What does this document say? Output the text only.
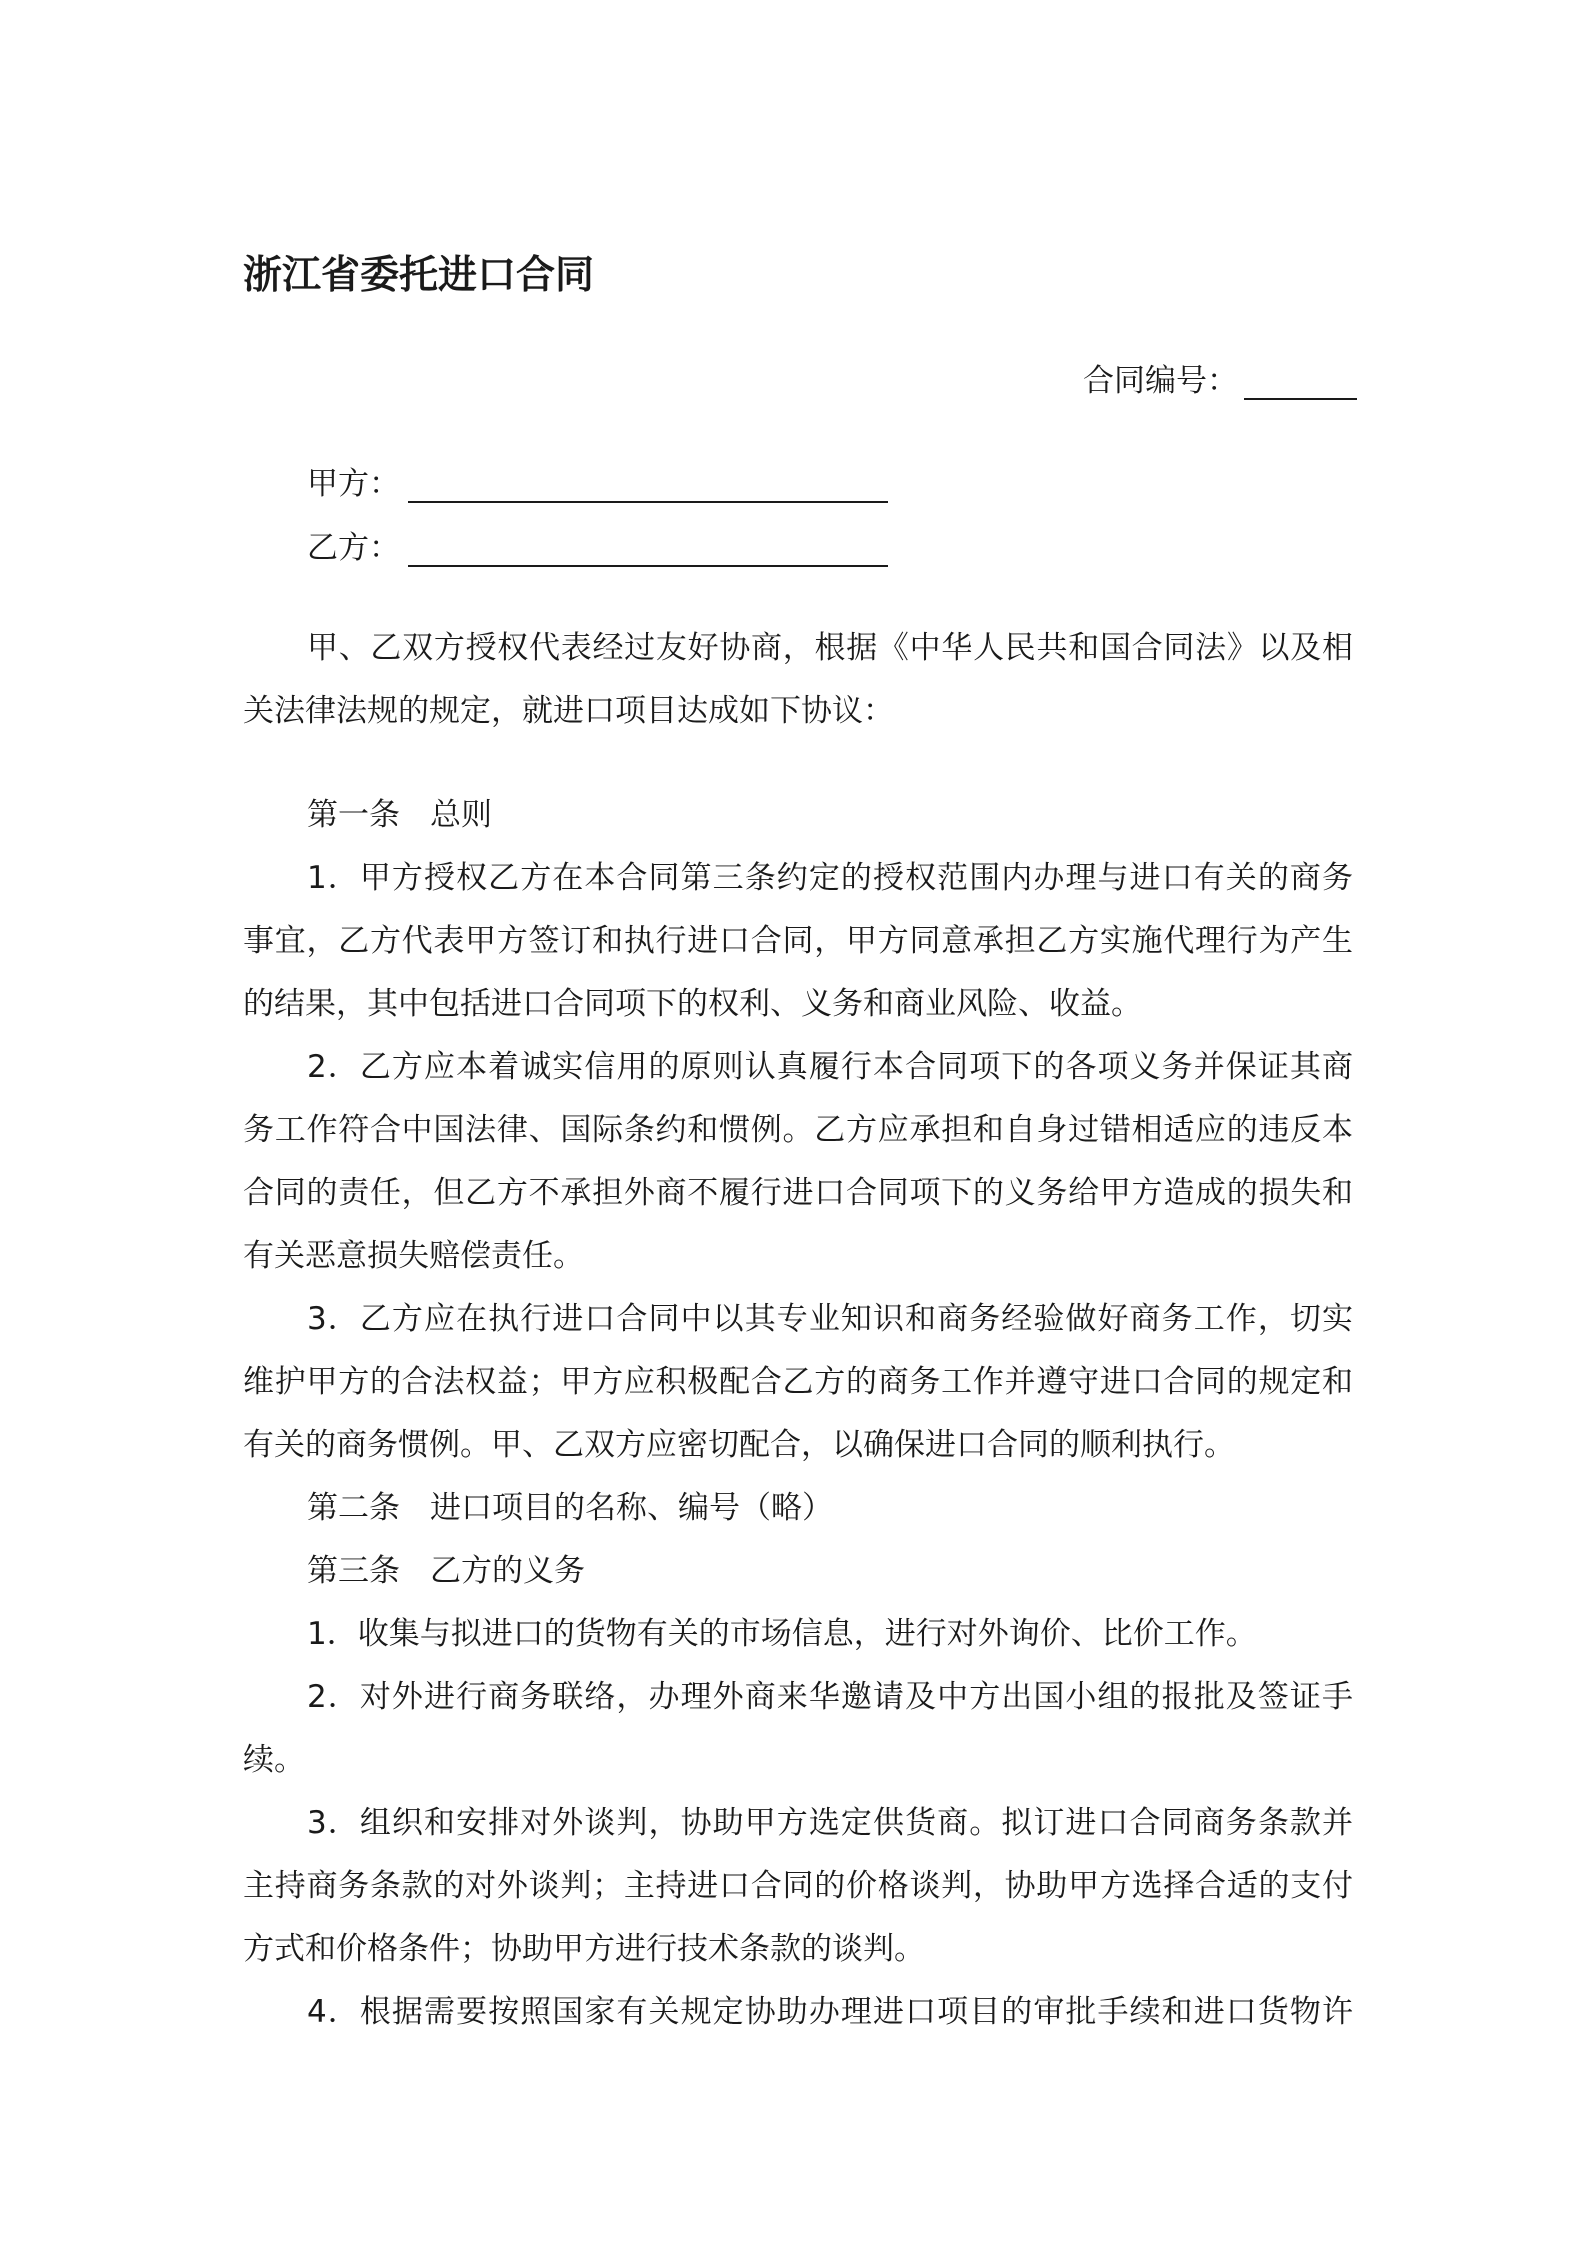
浙江省委托进口合同
合同编号：
甲方：
乙方：
甲、乙双方授权代表经过友好协商，根据《中华人民共和国合同法》以及相
关法律法规的规定，就进口项目达成如下协议：
第一条 总则
1．甲方授权乙方在本合同第三条约定的授权范围内办理与进口有关的商务
事宜，乙方代表甲方签订和执行进口合同，甲方同意承担乙方实施代理行为产生
的结果，其中包括进口合同项下的权利、义务和商业风险、收益。
2．乙方应本着诚实信用的原则认真履行本合同项下的各项义务并保证其商
务工作符合中国法律、国际条约和惯例。乙方应承担和自身过错相适应的违反本
合同的责任，但乙方不承担外商不履行进口合同项下的义务给甲方造成的损失和
有关恶意损失赔偿责任。
3．乙方应在执行进口合同中以其专业知识和商务经验做好商务工作，切实
维护甲方的合法权益；甲方应积极配合乙方的商务工作并遵守进口合同的规定和
有关的商务惯例。甲、乙双方应密切配合，以确保进口合同的顺利执行。
第二条 进口项目的名称、编号（略）
第三条 乙方的义务
1．收集与拟进口的货物有关的市场信息，进行对外询价、比价工作。
2．对外进行商务联络，办理外商来华邀请及中方出国小组的报批及签证手
续。
3．组织和安排对外谈判，协助甲方选定供货商。拟订进口合同商务条款并
主持商务条款的对外谈判；主持进口合同的价格谈判，协助甲方选择合适的支付
方式和价格条件；协助甲方进行技术条款的谈判。
4．根据需要按照国家有关规定协助办理进口项目的审批手续和进口货物许
